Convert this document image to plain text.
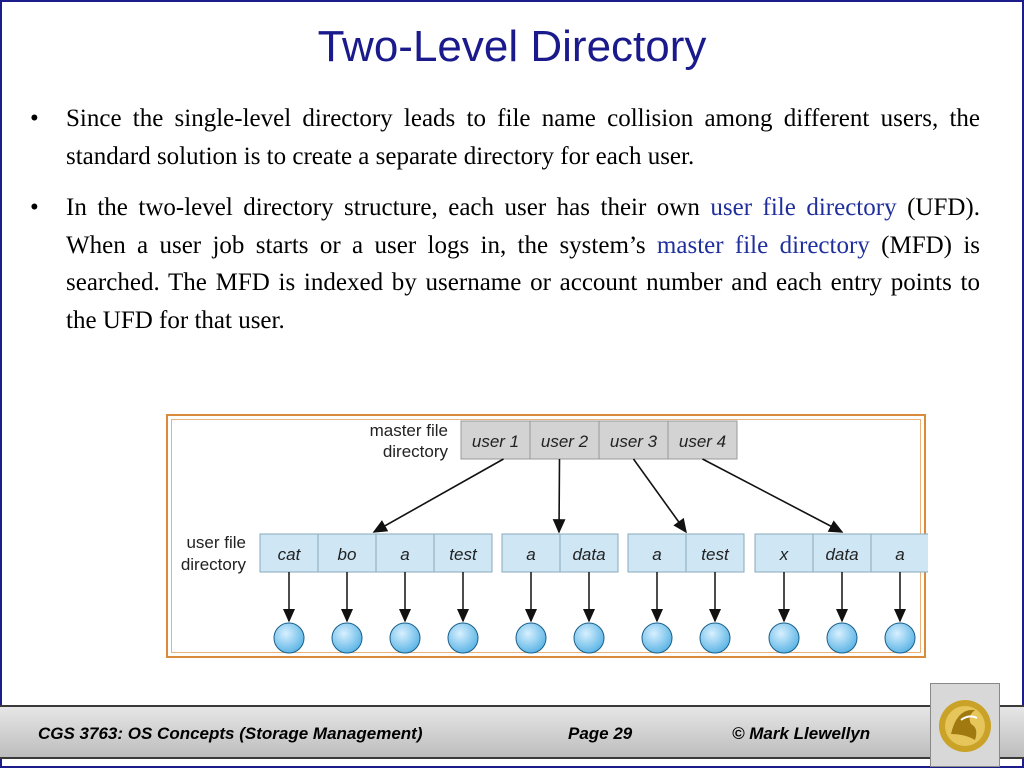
Two-Level Directory
• Since the single-level directory leads to file name collision among different users, the standard solution is to create a separate directory for each user.

• In the two-level directory structure, each user has their own user file directory (UFD). When a user job starts or a user logs in, the system’s master file directory (MFD) is searched. The MFD is indexed by username or account number and each entry points to the UFD for that user.

master file
directory
user file
directory
user 1 user 2 user 3 user 4
cat bo	a test	a data	a test	x data a
CGS 3763: OS Concepts (Storage Management)	Page 29	© Mark Llewellyn
